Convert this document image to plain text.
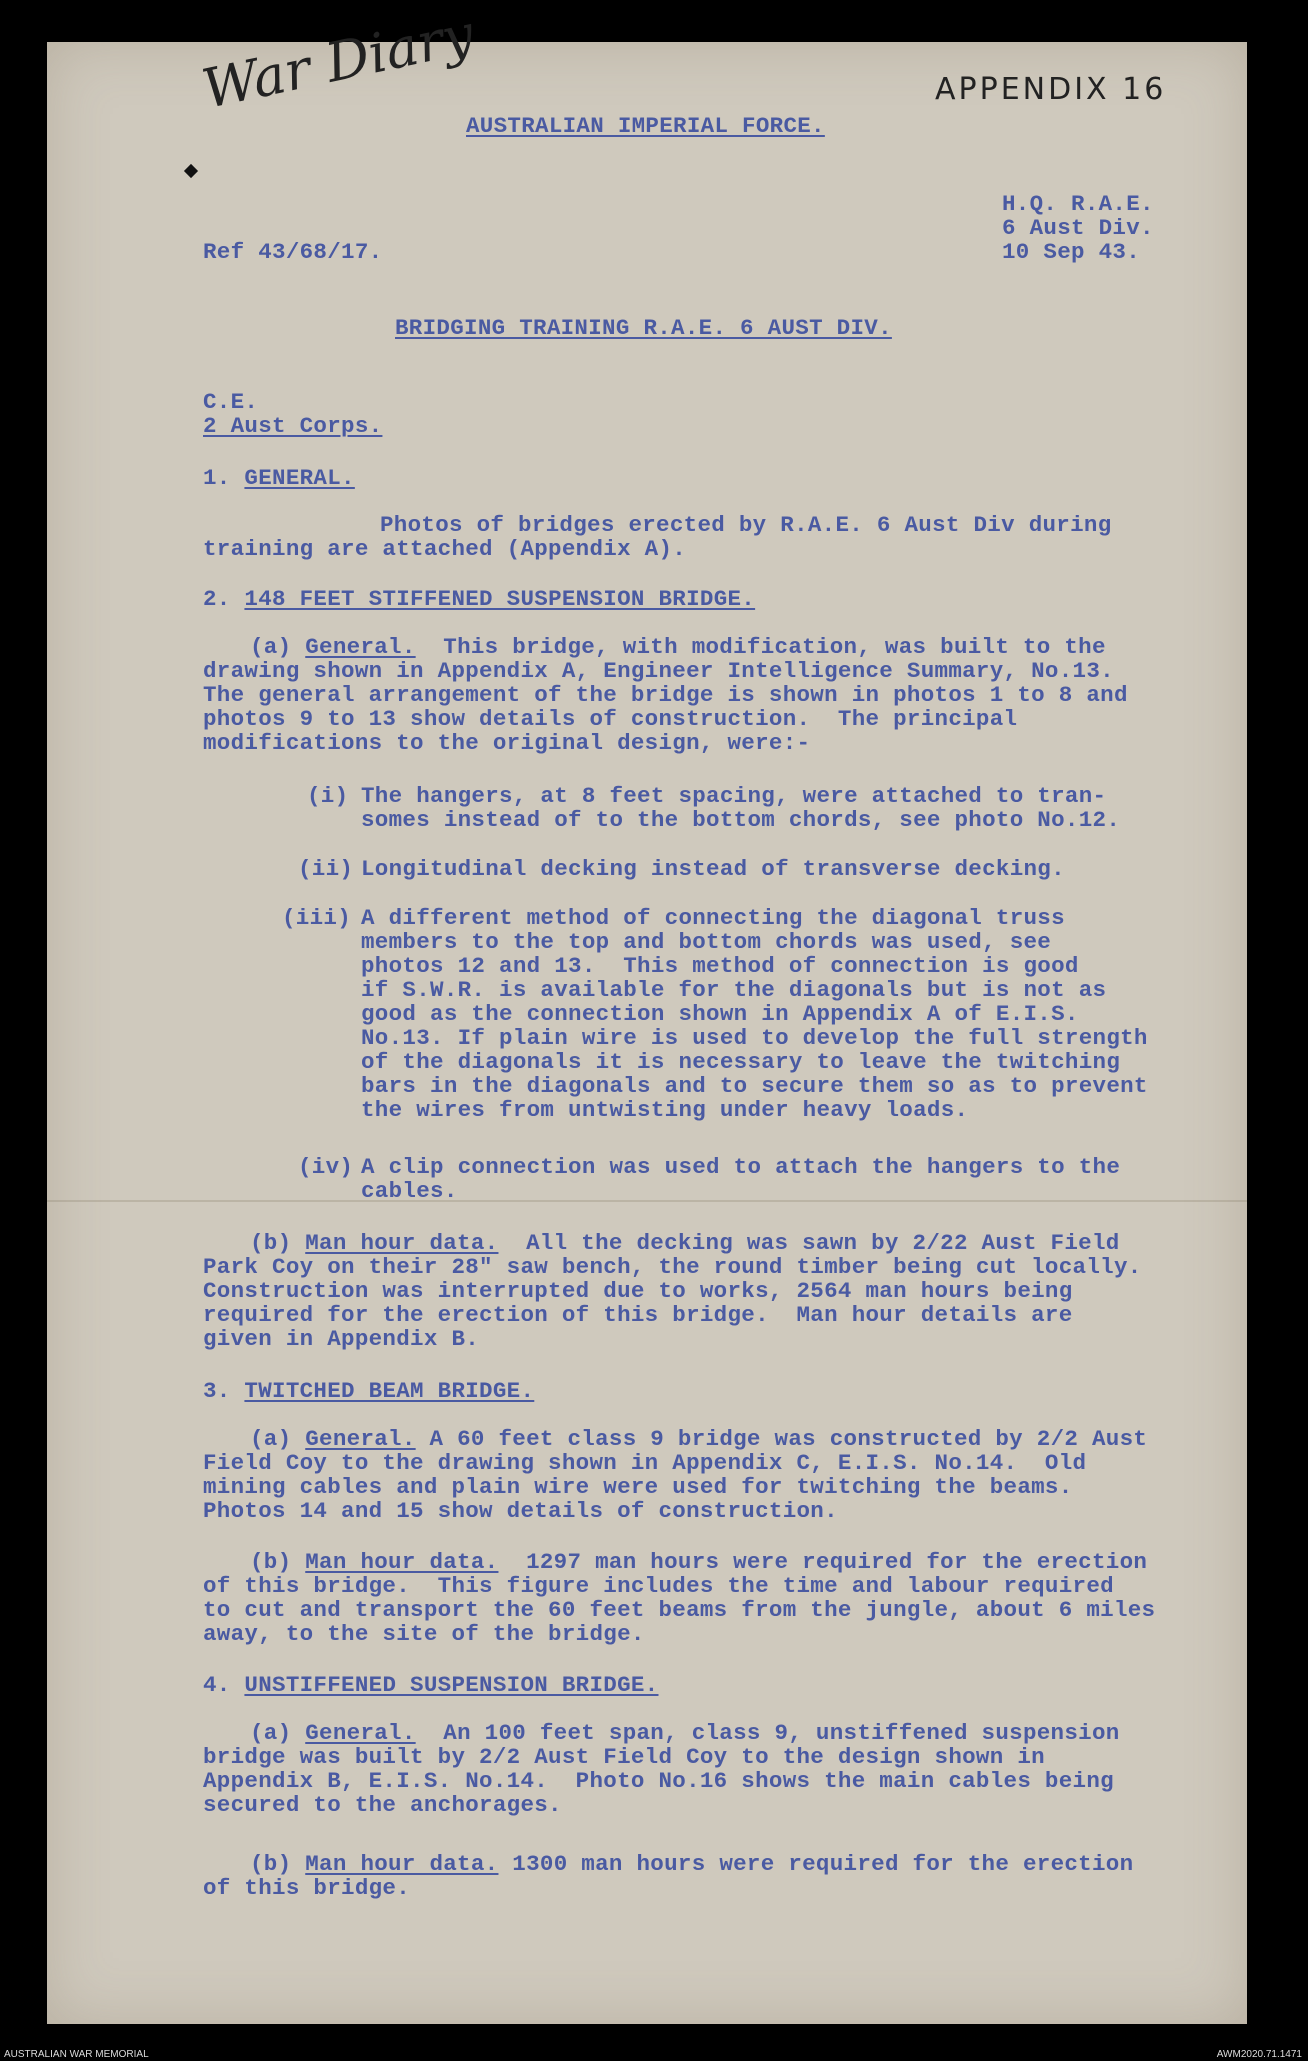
War Diary	APPENDIX 16
AUSTRALIAN IMPERIAL FORCE.
H.Q. R.A.E.
6 Aust Div.
10 Sep 43.
Ref 43/68/17.
BRIDGING TRAINING R.A.E. 6 AUST DIV.
C.E.
2 Aust Corps.
1. GENERAL.
Photos of bridges erected by R.A.E. 6 Aust Div during
training are attached (Appendix A).
2. 148 FEET STIFFENED SUSPENSION BRIDGE.
(a) General. This bridge, with modification, was built to the
drawing shown in Appendix A, Engineer Intelligence Summary, No.13.
The general arrangement of the bridge is shown in photos 1 to 8 and
photos 9 to 13 show details of construction.  The principal
modifications to the original design, were:-
(i) The hangers, at 8 feet spacing, were attached to tran-
somes instead of to the bottom chords, see photo No.12.
(ii) Longitudinal decking instead of transverse decking.
(iii) A different method of connecting the diagonal truss
members to the top and bottom chords was used, see
photos 12 and 13.  This method of connection is good
if S.W.R. is available for the diagonals but is not as
good as the connection shown in Appendix A of E.I.S.
No.13. If plain wire is used to develop the full strength
of the diagonals it is necessary to leave the twitching
bars in the diagonals and to secure them so as to prevent
the wires from untwisting under heavy loads.
(iv) A clip connection was used to attach the hangers to the
cables.
(b) Man hour data. All the decking was sawn by 2/22 Aust Field
Park Coy on their 28" saw bench, the round timber being cut locally.
Construction was interrupted due to works, 2564 man hours being
required for the erection of this bridge.  Man hour details are
given in Appendix B.
3. TWITCHED BEAM BRIDGE.
(a) General. A 60 feet class 9 bridge was constructed by 2/2 Aust
Field Coy to the drawing shown in Appendix C, E.I.S. No.14.  Old
mining cables and plain wire were used for twitching the beams.
Photos 14 and 15 show details of construction.
(b) Man hour data. 1297 man hours were required for the erection
of this bridge.  This figure includes the time and labour required
to cut and transport the 60 feet beams from the jungle, about 6 miles
away, to the site of the bridge.
4. UNSTIFFENED SUSPENSION BRIDGE.
(a) General. An 100 feet span, class 9, unstiffened suspension
bridge was built by 2/2 Aust Field Coy to the design shown in
Appendix B, E.I.S. No.14.  Photo No.16 shows the main cables being
secured to the anchorages.
(b) Man hour data. 1300 man hours were required for the erection
of this bridge.
AUSTRALIAN WAR MEMORIAL	AWM2020.71.1471
